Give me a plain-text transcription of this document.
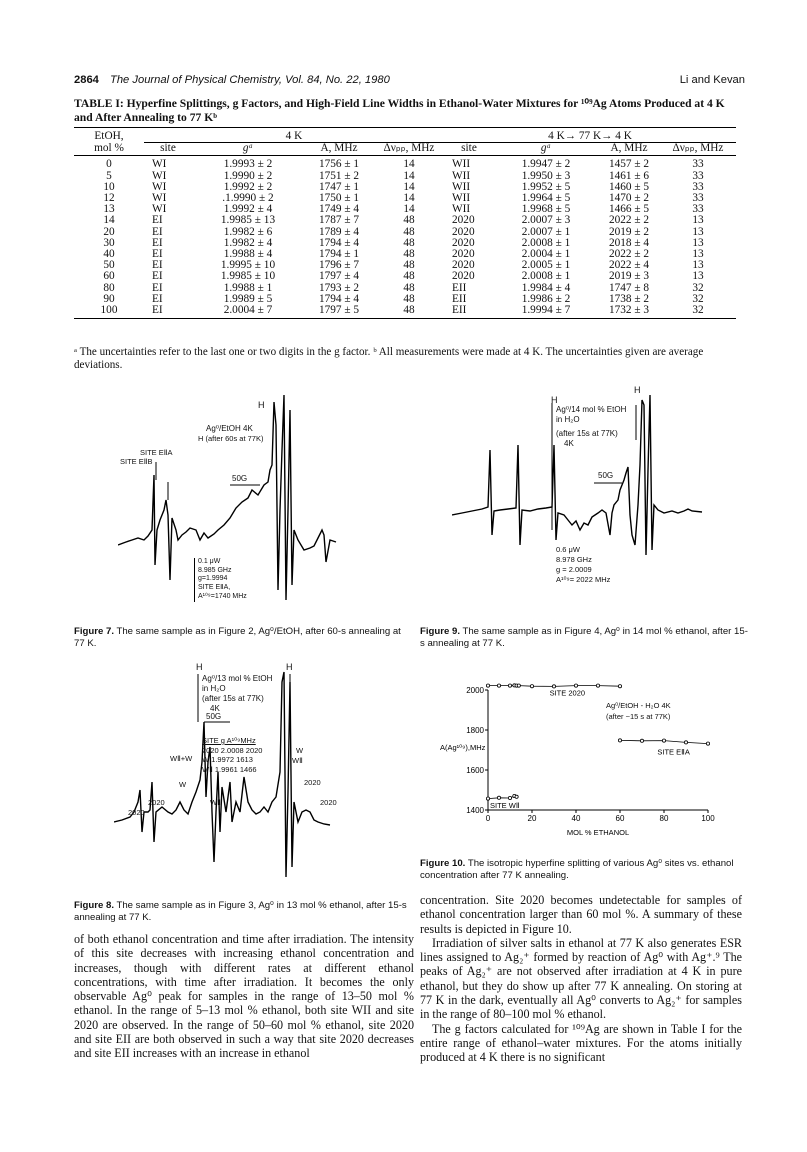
2864 The Journal of Physical Chemistry, Vol. 84, No. 22, 1980	Li and Kevan
TABLE I: Hyperfine Splittings, g Factors, and High-Field Line Widths in Ethanol-Water Mixtures for ¹⁰⁹Ag Atoms Produced at 4 K and After Annealing to 77 Kᵇ
EtOH,	4 K				4 K→ 77 K→ 4 K			
mol %	site	gᵃ	A, MHz	Δνₚₚ, MHz	site	gᵃ	A, MHz	Δνₚₚ, MHz
0	WI	1.9993 ± 2	1756 ± 1	14	WII	1.9947 ± 2	1457 ± 2	33
5	WI	1.9990 ± 2	1751 ± 2	14	WII	1.9950 ± 3	1461 ± 6	33
10	WI	1.9992 ± 2	1747 ± 1	14	WII	1.9952 ± 5	1460 ± 5	33
12	WI	.1.9990 ± 2	1750 ± 1	14	WII	1.9964 ± 5	1470 ± 2	33
13	WI	1.9992 ± 4	1749 ± 4	14	WII	1.9968 ± 5	1466 ± 5	33
14	EI	1.9985 ± 13	1787 ± 7	48	2020	2.0007 ± 3	2022 ± 2	13
20	EI	1.9982 ± 6	1789 ± 4	48	2020	2.0007 ± 1	2019 ± 2	13
30	EI	1.9982 ± 4	1794 ± 4	48	2020	2.0008 ± 1	2018 ± 4	13
40	EI	1.9988 ± 4	1794 ± 1	48	2020	2.0004 ± 1	2022 ± 2	13
50	EI	1.9995 ± 10	1796 ± 7	48	2020	2.0005 ± 1	2022 ± 4	13
60	EI	1.9985 ± 10	1797 ± 4	48	2020	2.0008 ± 1	2019 ± 3	13
80	EI	1.9988 ± 1	1793 ± 2	48	EII	1.9984 ± 4	1747 ± 8	32
90	EI	1.9989 ± 5	1794 ± 4	48	EII	1.9986 ± 2	1738 ± 2	32
100	EI	2.0004 ± 7	1797 ± 5	48	EII	1.9994 ± 7	1732 ± 3	32
ᵃ The uncertainties refer to the last one or two digits in the g factor. ᵇ All measurements were made at 4 K. The uncertainties given are average deviations.
H
Ag⁰/EtOH 4K
H (after 60s at 77K)
SITE EⅡA
SITE EⅡB
50G
0.1 μW
8.985 GHz
g=1.9994
SITE EⅡA,
A¹⁰⁹=1740 MHz
Figure 7. The same sample as in Figure 2, Ag⁰/EtOH, after 60-s annealing at 77 K.
H
H
Ag⁰/14 mol % EtOH
in H₂O
(after 15s at 77K)
4K
50G
0.6 μW
8.978 GHz
g = 2.0009
A¹⁰⁹= 2022 MHz
Figure 9. The same sample as in Figure 4, Ag⁰ in 14 mol % ethanol, after 15-s annealing at 77 K.
H	H
Ag⁰/13 mol % EtOH
in H₂O
(after 15s at 77K)
4K
50G
SITE g A¹⁰⁹MHz
2020 2.0008 2020
W 1.9972 1613
WⅡ 1.9961 1466
WⅡ+W
W
2020
2020
WⅡ
W
WⅡ
2020
2020
Figure 8. The same sample as in Figure 3, Ag⁰ in 13 mol % ethanol, after 15-s annealing at 77 K.
1400
1600
1800
2000
0	20	40	60	80	100
MOL % ETHANOL
A(Ag¹⁰⁹),MHz
SITE 2020
SITE EⅡA
SITE WⅡ
Ag⁰/EtOH - H₂O 4K
(after ~15 s at 77K)
Figure 10. The isotropic hyperfine splitting of various Ag⁰ sites vs. ethanol concentration after 77 K annealing.

of both ethanol concentration and time after irradiation. The intensity of this site decreases with increasing ethanol concentration and increases, though with different rates at different ethanol concentrations, with time after irradiation. It becomes the only observable Ag⁰ peak for samples in the range of 13–50 mol % ethanol. In the range of 5–13 mol % ethanol, both site WII and site 2020 are observed. In the range of 50–60 mol % ethanol, site 2020 and site EII are both observed in such a way that site 2020 decreases and site EII increases with an increase in ethanol

concentration. Site 2020 becomes undetectable for samples of ethanol concentration larger than 60 mol %. A summary of these results is depicted in Figure 10.

Irradiation of silver salts in ethanol at 77 K also generates ESR lines assigned to Ag₂⁺ formed by reaction of Ag⁰ with Ag⁺.⁹ The peaks of Ag₂⁺ are not observed after irradiation at 4 K in pure ethanol, but they do show up after 77 K annealing. On storing at 77 K in the dark, eventually all Ag⁰ converts to Ag₂⁺ for samples in the range of 80–100 mol % ethanol.

The g factors calculated for ¹⁰⁹Ag are shown in Table I for the entire range of ethanol–water mixtures. For the atoms initially produced at 4 K there is no significant
